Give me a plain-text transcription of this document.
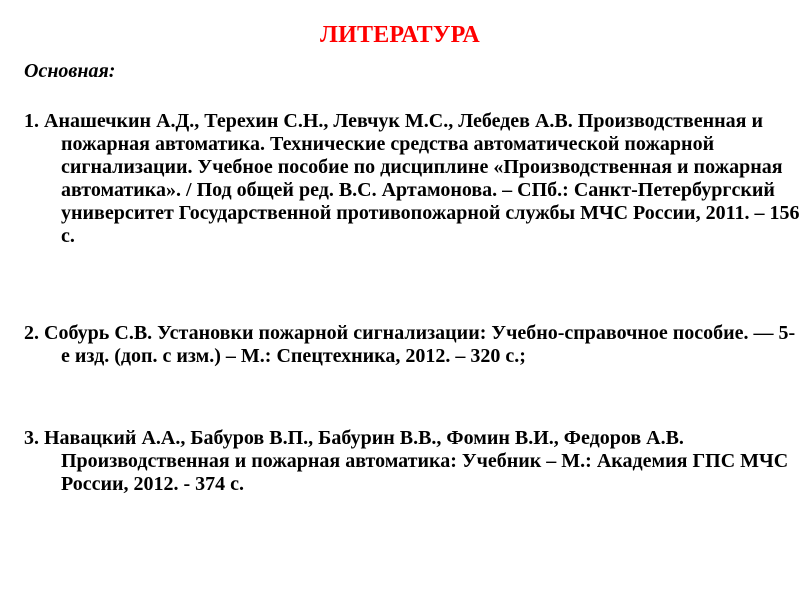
ЛИТЕРАТУРА
Основная:
1. Анашечкин А.Д., Терехин С.Н., Левчук М.С., Лебедев А.В. Производственная и пожарная автоматика. Технические средства автоматической пожарной сигнализации. Учебное пособие по дисциплине «Производственная и пожарная автоматика». / Под общей ред. В.С. Артамонова. – СПб.: Санкт-Петербургский университет Государственной противопожарной службы МЧС России, 2011. – 156 с.
2. Собурь С.В. Установки пожарной сигнализации: Учебно-справочное пособие. — 5-е изд. (доп. с изм.) – М.: Спецтехника, 2012. – 320 с.;
3. Навацкий А.А., Бабуров В.П., Бабурин В.В., Фомин В.И., Федоров А.В. Производственная и пожарная автоматика: Учебник – М.: Академия ГПС МЧС России, 2012. - 374 с.
